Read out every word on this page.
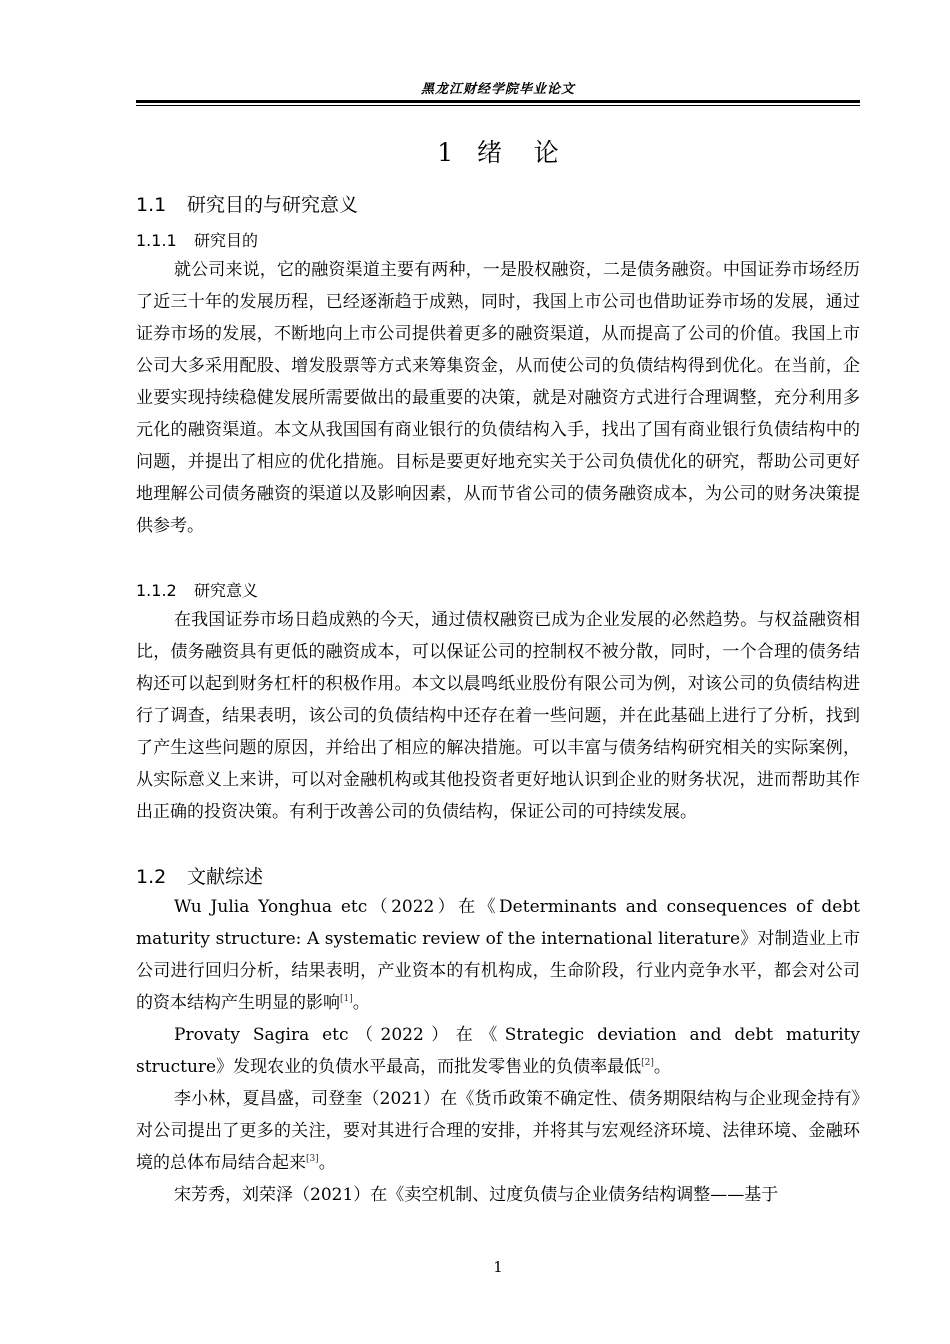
黑龙江财经学院毕业论文
1 绪    论
1.1 研究目的与研究意义
1.1.1 研究目的

就公司来说，它的融资渠道主要有两种，一是股权融资，二是债务融资。中国证券市场经历了近三十年的发展历程，已经逐渐趋于成熟，同时，我国上市公司也借助证券市场的发展，通过证券市场的发展，不断地向上市公司提供着更多的融资渠道，从而提高了公司的价值。我国上市公司大多采用配股、增发股票等方式来筹集资金，从而使公司的负债结构得到优化。在当前，企业要实现持续稳健发展所需要做出的最重要的决策，就是对融资方式进行合理调整，充分利用多元化的融资渠道。本文从我国国有商业银行的负债结构入手，找出了国有商业银行负债结构中的问题，并提出了相应的优化措施。目标是要更好地充实关于公司负债优化的研究，帮助公司更好地理解公司债务融资的渠道以及影响因素，从而节省公司的债务融资成本，为公司的财务决策提供参考。

1.1.2 研究意义

在我国证券市场日趋成熟的今天，通过债权融资已成为企业发展的必然趋势。与权益融资相比，债务融资具有更低的融资成本，可以保证公司的控制权不被分散，同时，一个合理的债务结构还可以起到财务杠杆的积极作用。本文以晨鸣纸业股份有限公司为例，对该公司的负债结构进行了调查，结果表明，该公司的负债结构中还存在着一些问题，并在此基础上进行了分析，找到了产生这些问题的原因，并给出了相应的解决措施。可以丰富与债务结构研究相关的实际案例，从实际意义上来讲，可以对金融机构或其他投资者更好地认识到企业的财务状况，进而帮助其作出正确的投资决策。有利于改善公司的负债结构，保证公司的可持续发展。

1.2 文献综述

Wu Julia Yonghua etc（2022）在《Determinants and consequences of debt maturity structure: A systematic review of the international literature》对制造业上市公司进行回归分析，结果表明，产业资本的有机构成，生命阶段，行业内竞争水平，都会对公司的资本结构产生明显的影响[1]。

Provaty Sagira etc（2022）在《Strategic deviation and debt maturity structure》发现农业的负债水平最高，而批发零售业的负债率最低[2]。

李小林，夏昌盛，司登奎（2021）在《货币政策不确定性、债务期限结构与企业现金持有》对公司提出了更多的关注，要对其进行合理的安排，并将其与宏观经济环境、法律环境、金融环境的总体布局结合起来[3]。

宋芳秀，刘荣泽（2021）在《卖空机制、过度负债与企业债务结构调整——基于

1
